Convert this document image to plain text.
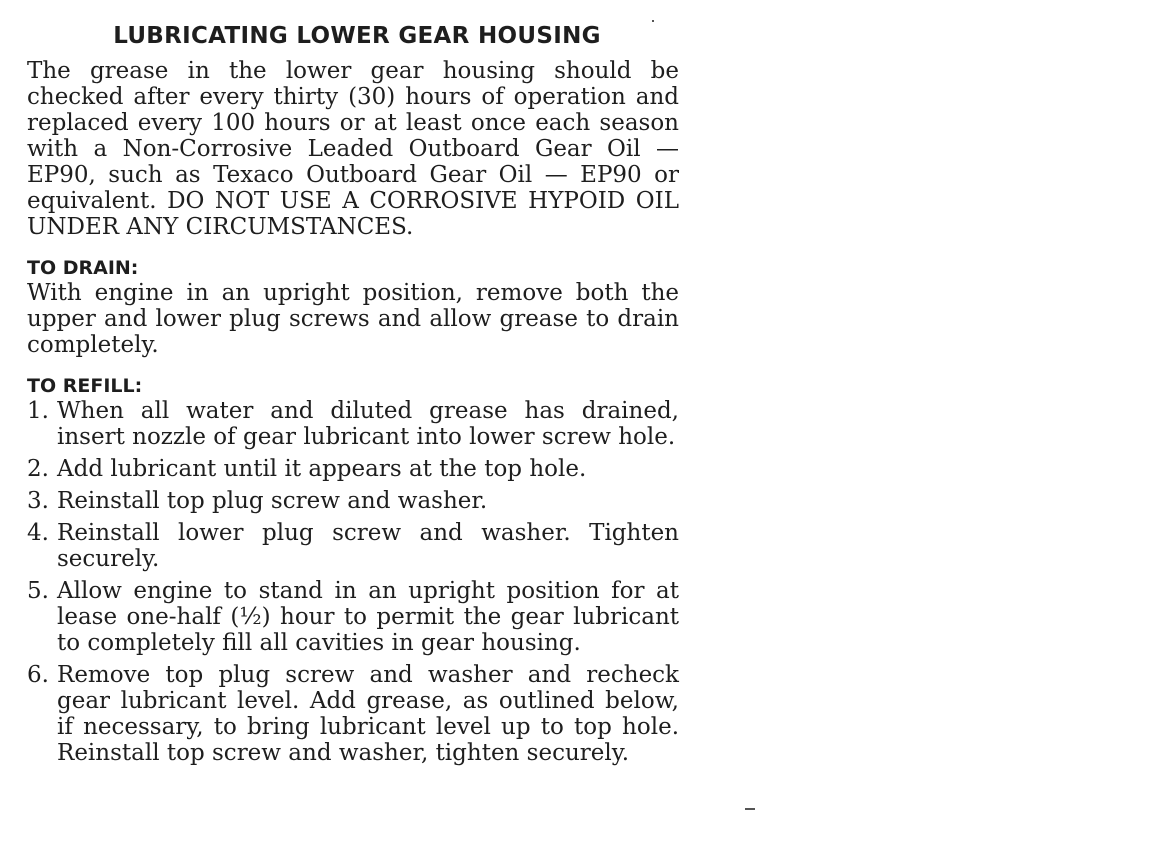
LUBRICATING LOWER GEAR HOUSING

The grease in the lower gear housing should be checked after every thirty (30) hours of operation and replaced every 100 hours or at least once each season with a Non-Corrosive Leaded Outboard Gear Oil — EP90, such as Texaco Outboard Gear Oil — EP90 or equivalent. DO NOT USE A CORROSIVE HYPOID OIL UNDER ANY CIRCUMSTANCES.

TO DRAIN:

With engine in an upright position, remove both the upper and lower plug screws and allow grease to drain completely.

TO REFILL:
1. When all water and diluted grease has drained, insert nozzle of gear lubricant into lower screw hole.
2. Add lubricant until it appears at the top hole.
3. Reinstall top plug screw and washer.
4. Reinstall lower plug screw and washer. Tighten securely.
5. Allow engine to stand in an upright position for at lease one-half (½) hour to permit the gear lubricant to completely fill all cavities in gear housing.
6. Remove top plug screw and washer and recheck gear lubricant level. Add grease, as outlined below, if necessary, to bring lubricant level up to top hole. Reinstall top screw and washer, tighten securely.
